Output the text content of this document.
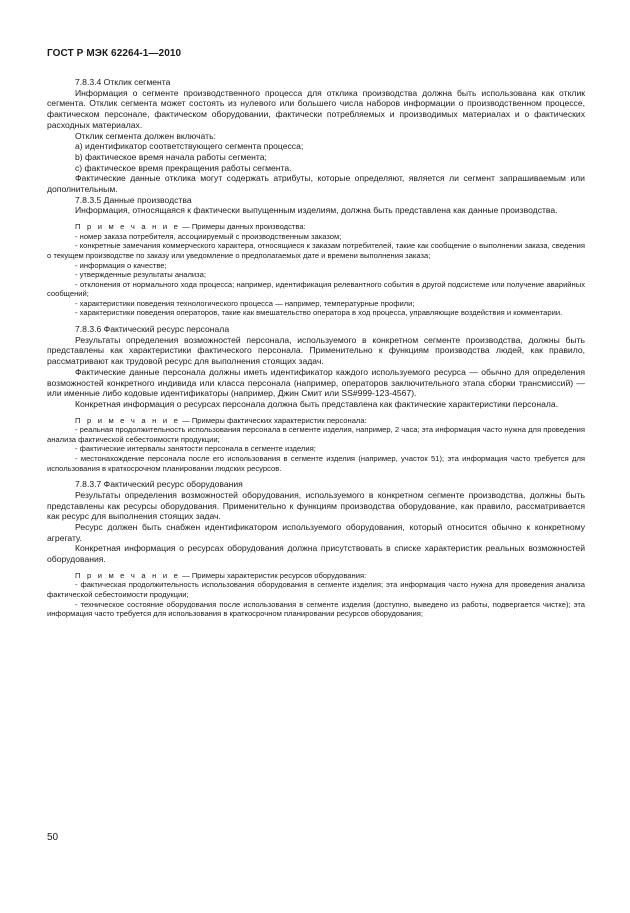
ГОСТ Р МЭК 62264-1—2010

7.8.3.4 Отклик сегмента

Информация о сегменте производственного процесса для отклика производства должна быть использована как отклик сегмента. Отклик сегмента может состоять из нулевого или большего числа наборов информации о производственном процессе, фактическом персонале, фактическом оборудовании, фактически потребляемых и производимых материалах и о фактических расходных материалах.

Отклик сегмента должен включать:

a) идентификатор соответствующего сегмента процесса;

b) фактическое время начала работы сегмента;

c) фактическое время прекращения работы сегмента.

Фактические данные отклика могут содержать атрибуты, которые определяют, является ли сегмент запрашиваемым или дополнительным.

7.8.3.5 Данные производства

Информация, относящаяся к фактически выпущенным изделиям, должна быть представлена как данные производства.

П р и м е ч а н и е — Примеры данных производства:

- номер заказа потребителя, ассоциируемый с производственным заказом;

- конкретные замечания коммерческого характера, относящиеся к заказам потребителей, такие как сообщение о выполнении заказа, сведения о текущем производстве по заказу или уведомление о предполагаемых дате и времени выполнения заказа;

- информация о качестве;

- утвержденные результаты анализа;

- отклонения от нормального хода процесса; например, идентификация релевантного события в другой подсистеме или получение аварийных сообщений;

- характеристики поведения технологического процесса — например, температурные профили;

- характеристики поведения операторов, такие как вмешательство оператора в ход процесса, управляющие воздействия и комментарии.

7.8.3.6 Фактический ресурс персонала

Результаты определения возможностей персонала, используемого в конкретном сегменте производства, должны быть представлены как характеристики фактического персонала. Применительно к функциям производства людей, как правило, рассматривают как трудовой ресурс для выполнения стоящих задач.

Фактические данные персонала должны иметь идентификатор каждого используемого ресурса — обычно для определения возможностей конкретного индивида или класса персонала (например, операторов заключительного этапа сборки трансмиссий) — или именные либо кодовые идентификаторы (например, Джин Смит или SS#999-123-4567).

Конкретная информация о ресурсах персонала должна быть представлена как фактические характеристики персонала.

П р и м е ч а н и е — Примеры фактических характеристик персонала:

- реальная продолжительность использования персонала в сегменте изделия, например, 2 часа; эта информация часто нужна для проведения анализа фактической себестоимости продукции;

- фактические интервалы занятости персонала в сегменте изделия;

- местонахождение персонала после его использования в сегменте изделия (например, участок 51); эта информация часто требуется для использования в краткосрочном планировании людских ресурсов.

7.8.3.7 Фактический ресурс оборудования

Результаты определения возможностей оборудования, используемого в конкретном сегменте производства, должны быть представлены как ресурсы оборудования. Применительно к функциям производства оборудование, как правило, рассматривается как ресурс для выполнения стоящих задач.

Ресурс должен быть снабжен идентификатором используемого оборудования, который относится обычно к конкретному агрегату.

Конкретная информация о ресурсах оборудования должна присутствовать в списке характеристик реальных возможностей оборудования.

П р и м е ч а н и е — Примеры характеристик ресурсов оборудования:

- фактическая продолжительность использования оборудования в сегменте изделия; эта информация часто нужна для проведения анализа фактической себестоимости продукции;

- техническое состояние оборудования после использования в сегменте изделия (доступно, выведено из работы, подвергается чистке); эта информация часто требуется для использования в краткосрочном планировании ресурсов оборудования;

50
